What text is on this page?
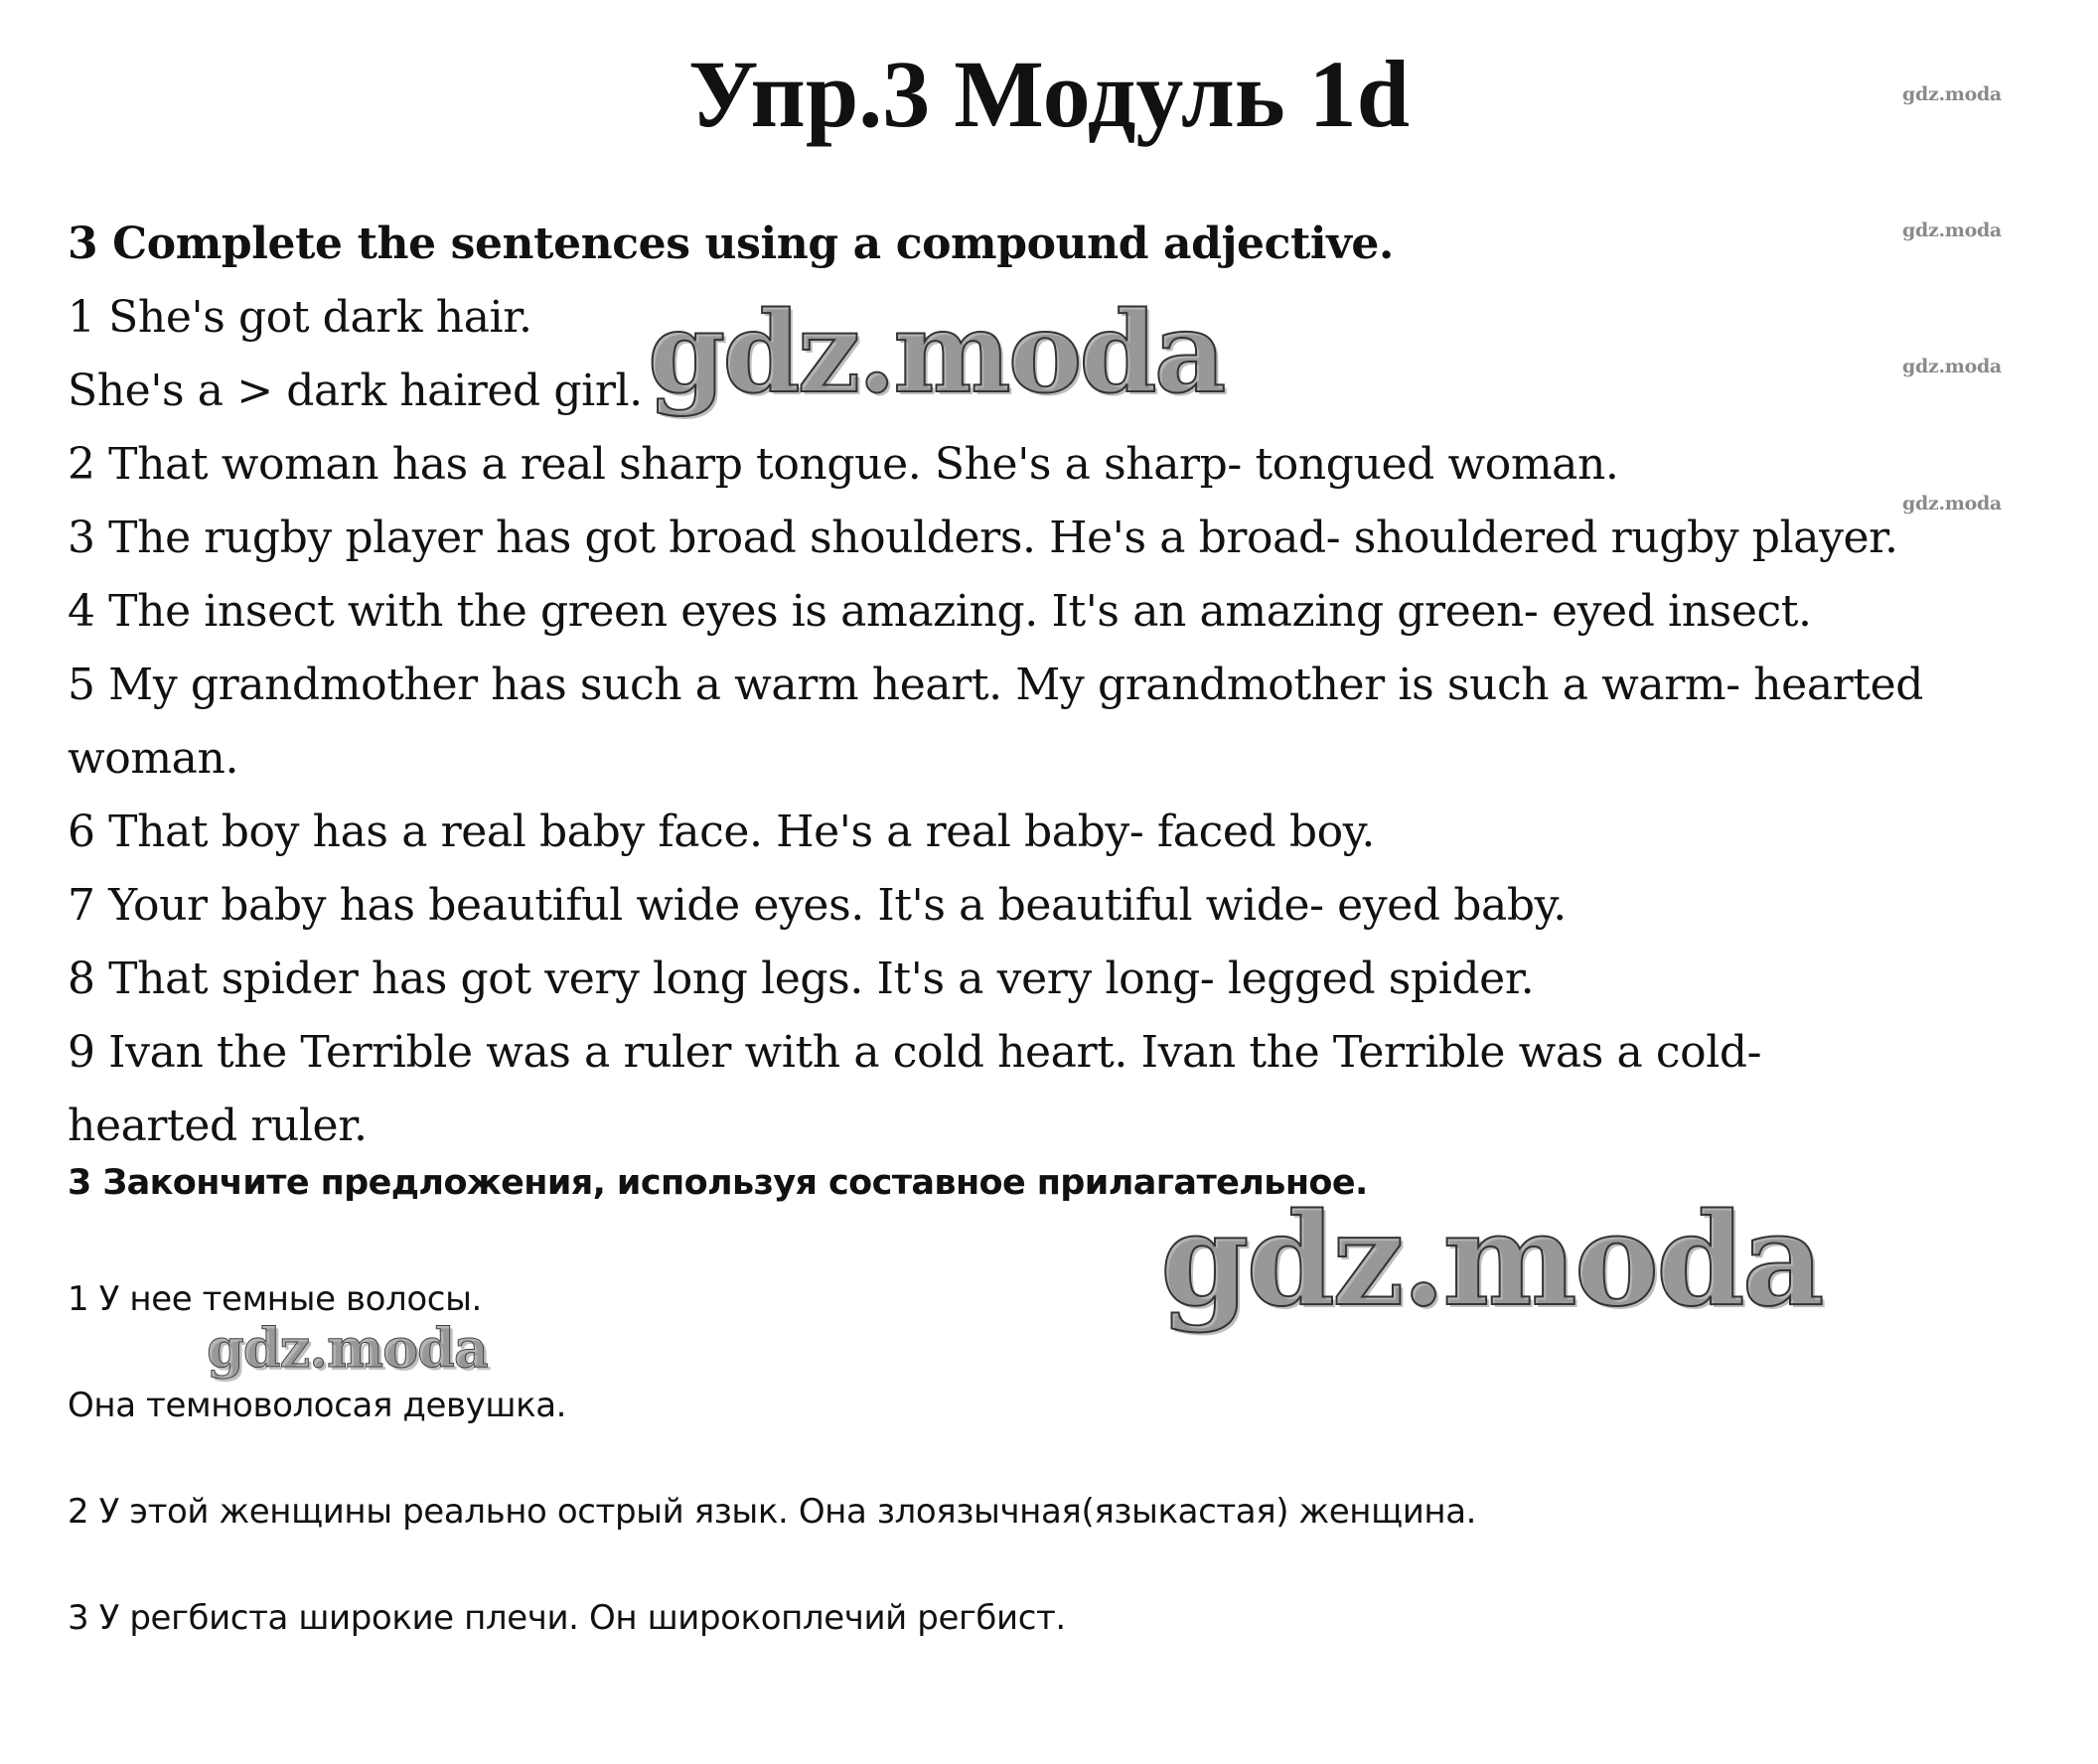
Упр.3 Модуль 1d	gdz.moda
gdz.moda
gdz.moda
gdz.moda
3 Complete the sentences using a compound adjective.
1 She's got dark hair.
She's a > dark haired girl.
2 That woman has a real sharp tongue. She's a sharp- tongued woman.
3 The rugby player has got broad shoulders. He's a broad- shouldered rugby player.
4 The insect with the green eyes is amazing. It's an amazing green- eyed insect.
5 My grandmother has such a warm heart. My grandmother is such a warm- hearted woman.
6 That boy has a real baby face. He's a real baby- faced boy.
7 Your baby has beautiful wide eyes. It's a beautiful wide- eyed baby.
8 That spider has got very long legs. It's a very long- legged spider.
9 Ivan the Terrible was a ruler with a cold heart. Ivan the Terrible was a cold-hearted ruler.
3 Закончите предложения, используя составное прилагательное.
1 У нее темные волосы.
Она темноволосая девушка.
2 У этой женщины реально острый язык. Она злоязычная(языкастая) женщина.
3 У регбиста широкие плечи. Он широкоплечий регбист.
gdz.moda
gdz.moda
gdz.moda
